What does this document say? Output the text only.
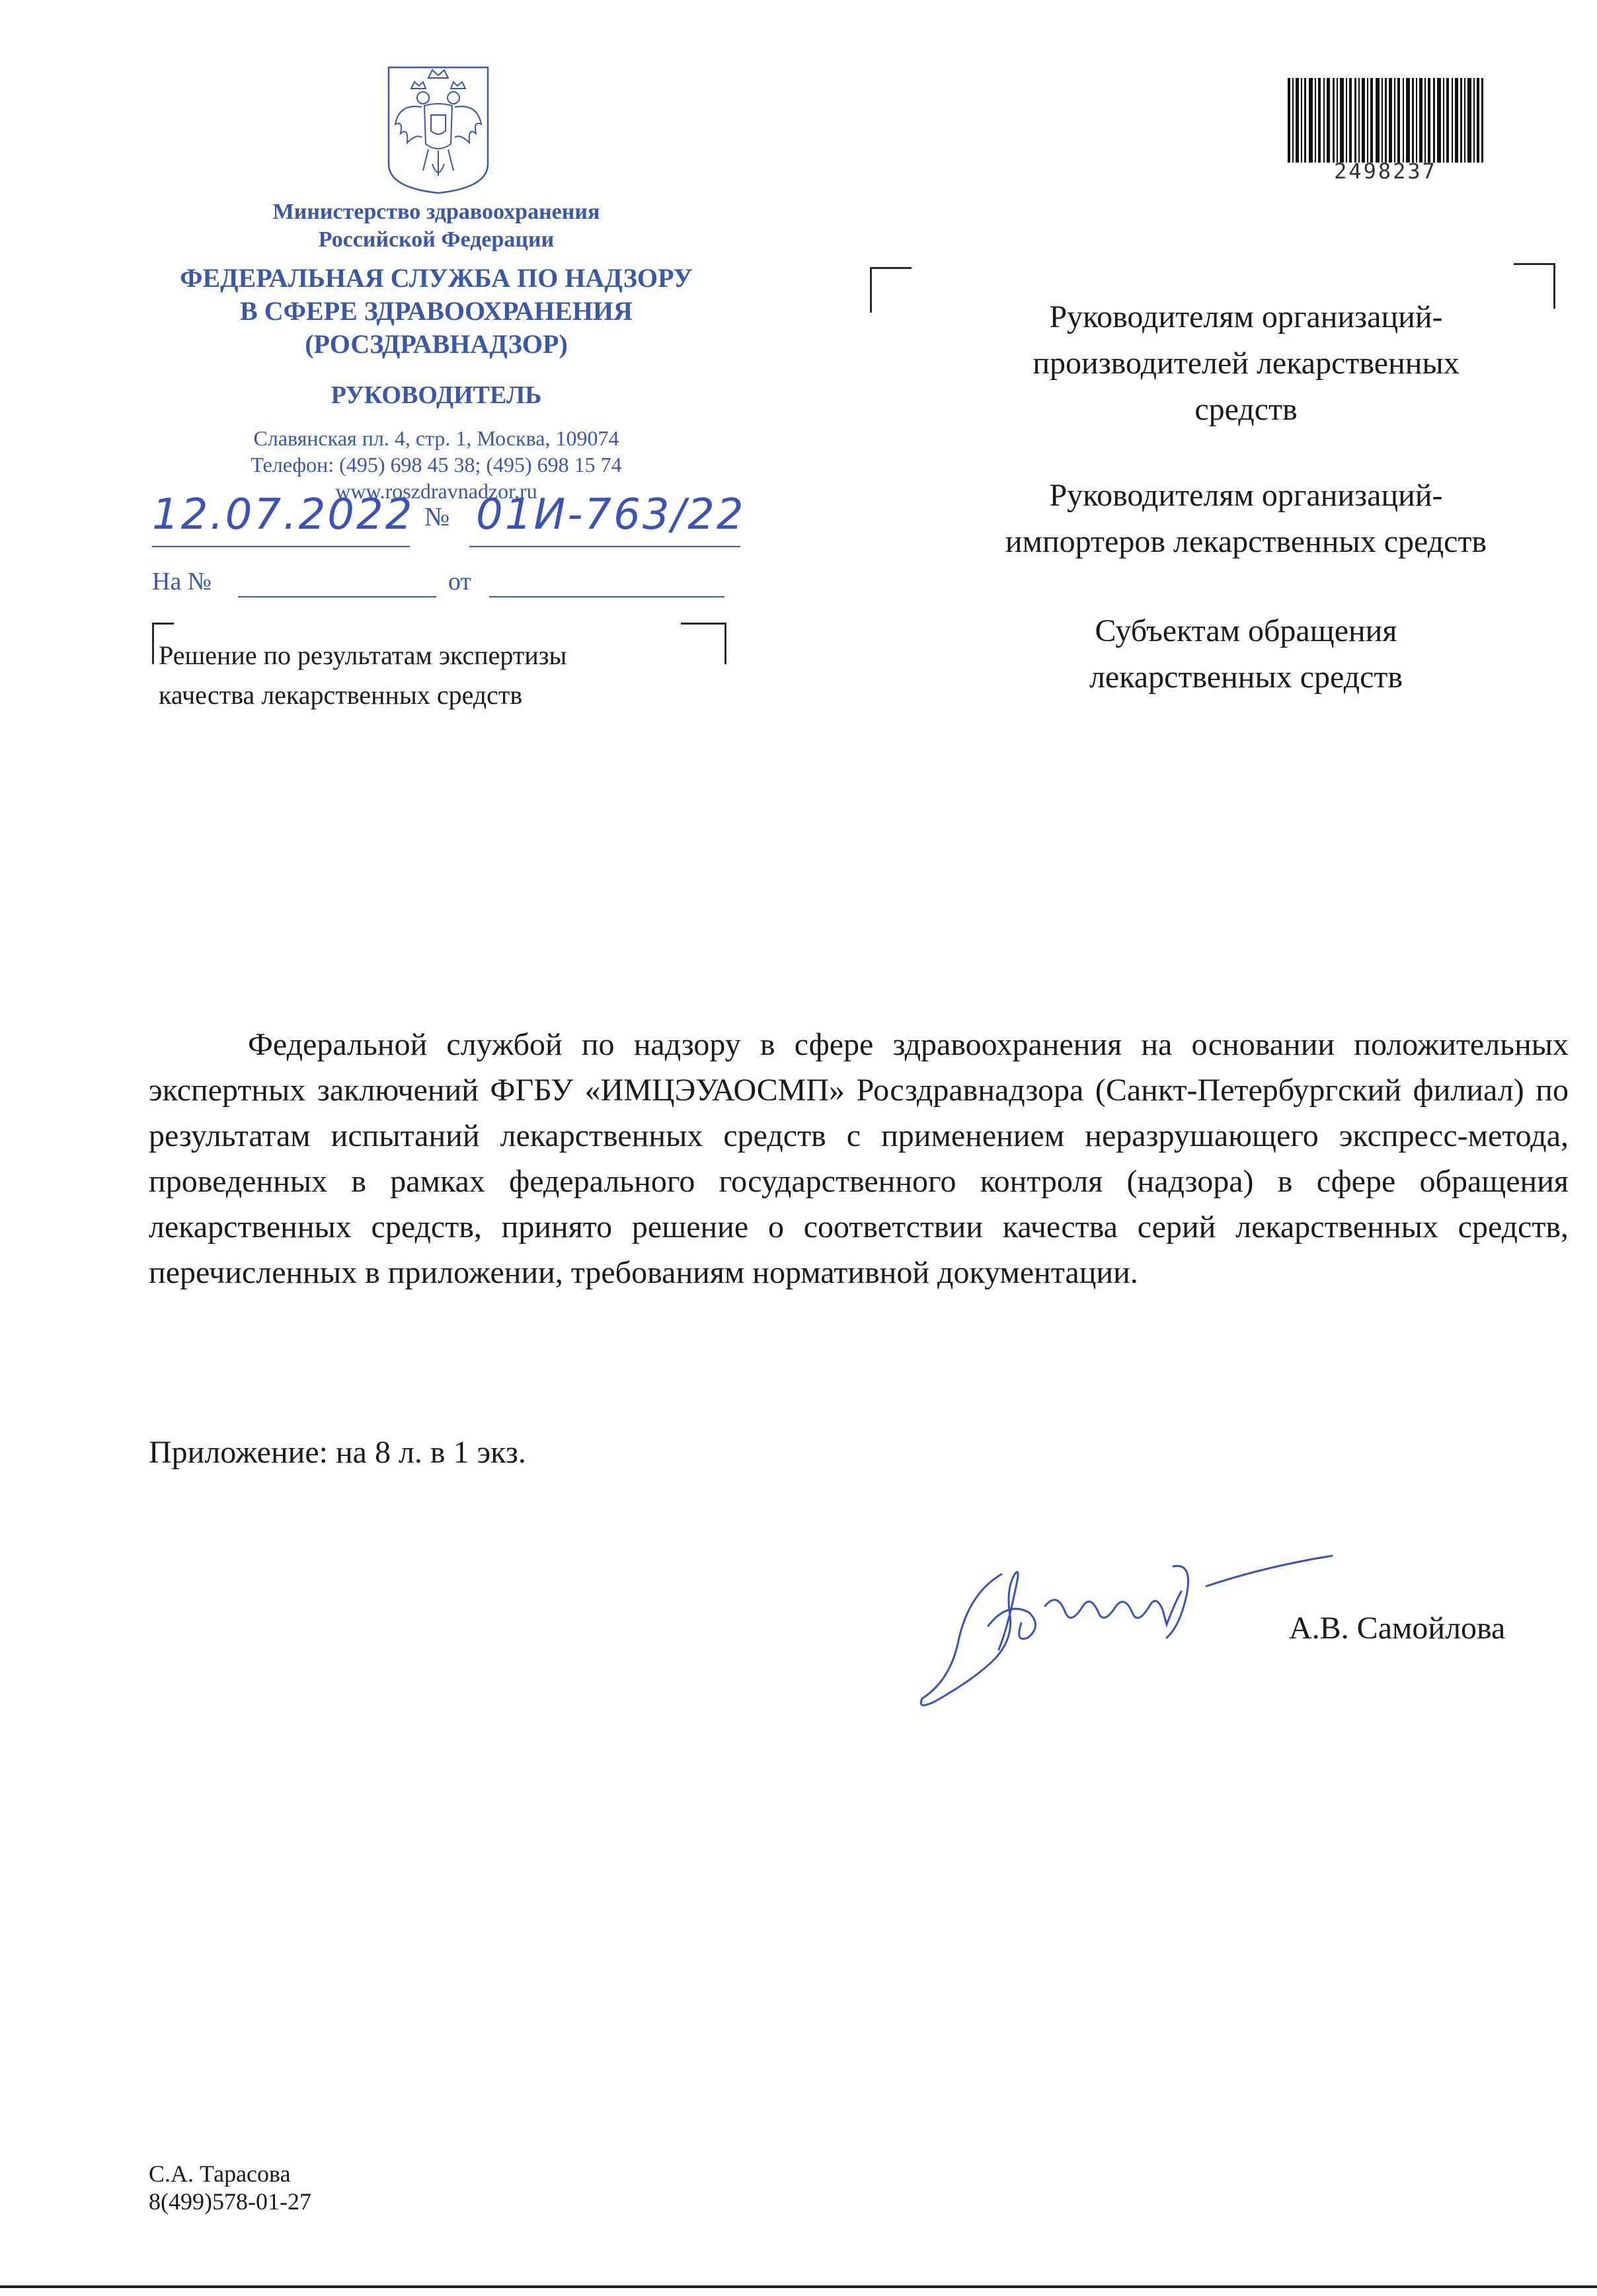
Министерство здравоохранения
Российской Федерации
ФЕДЕРАЛЬНАЯ СЛУЖБА ПО НАДЗОРУ
В СФЕРЕ ЗДРАВООХРАНЕНИЯ
(РОСЗДРАВНАДЗОР)
РУКОВОДИТЕЛЬ
Славянская пл. 4, стр. 1, Москва, 109074
Телефон: (495) 698 45 38; (495) 698 15 74
www.roszdravnadzor.ru
12.07.2022 № 01И-763/22
На №	от
Решение по результатам экспертизы
качества лекарственных средств
2498237
Руководителям организаций-
производителей лекарственных
средств
Руководителям организаций-
импортеров лекарственных средств
Субъектам обращения
лекарственных средств
Федеральной службой по надзору в сфере здравоохранения на основании положительных экспертных заключений ФГБУ «ИМЦЭУАОСМП» Росздравнадзора (Санкт-Петербургский филиал) по результатам испытаний лекарственных средств с применением неразрушающего экспресс-метода, проведенных в рамках федерального государственного контроля (надзора) в сфере обращения лекарственных средств, принято решение о соответствии качества серий лекарственных средств, перечисленных в приложении, требованиям нормативной документации.
Приложение: на 8 л. в 1 экз.
А.В. Самойлова
С.А. Тарасова
8(499)578-01-27
